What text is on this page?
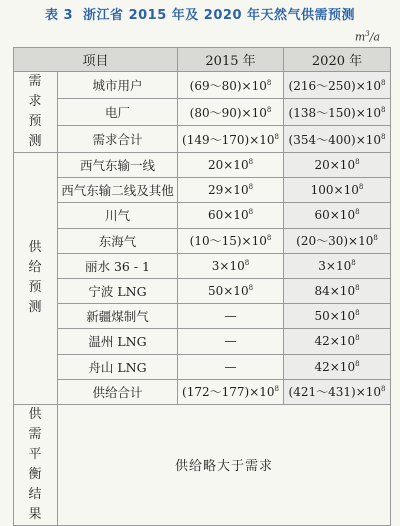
表 3 浙江省 2015 年及 2020 年天然气供需预测
$m^3/a$
项目		2015 年	2020 年
需求预测	城市用户	$(69\sim 80)\times 10^8$	$(216\sim 250)\times 10^8$
	电厂	$(80\sim 90)\times 10^8$	$(138\sim 150)\times 10^8$
	需求合计	$(149\sim 170)\times 10^8$	$(354\sim 400)\times 10^8$
供给预测	西气东输一线	$20\times 10^8$	$20\times 10^8$
	西气东输二线及其他	$29\times 10^8$	$100\times 10^8$
	川气	$60\times 10^8$	$60\times 10^8$
	东海气	$(10\sim 15)\times 10^8$	$(20\sim 30)\times 10^8$
	丽水 36 - 1	$3\times 10^8$	$3\times 10^8$
	宁波 LNG	$50\times 10^8$	$84\times 10^8$
	新疆煤制气	—	$50\times 10^8$
	温州 LNG	—	$42\times 10^8$
	舟山 LNG	—	$42\times 10^8$
	供给合计	$(172\sim 177)\times 10^8$	$(421\sim 431)\times 10^8$
供需平衡结果	供给略大于需求		
